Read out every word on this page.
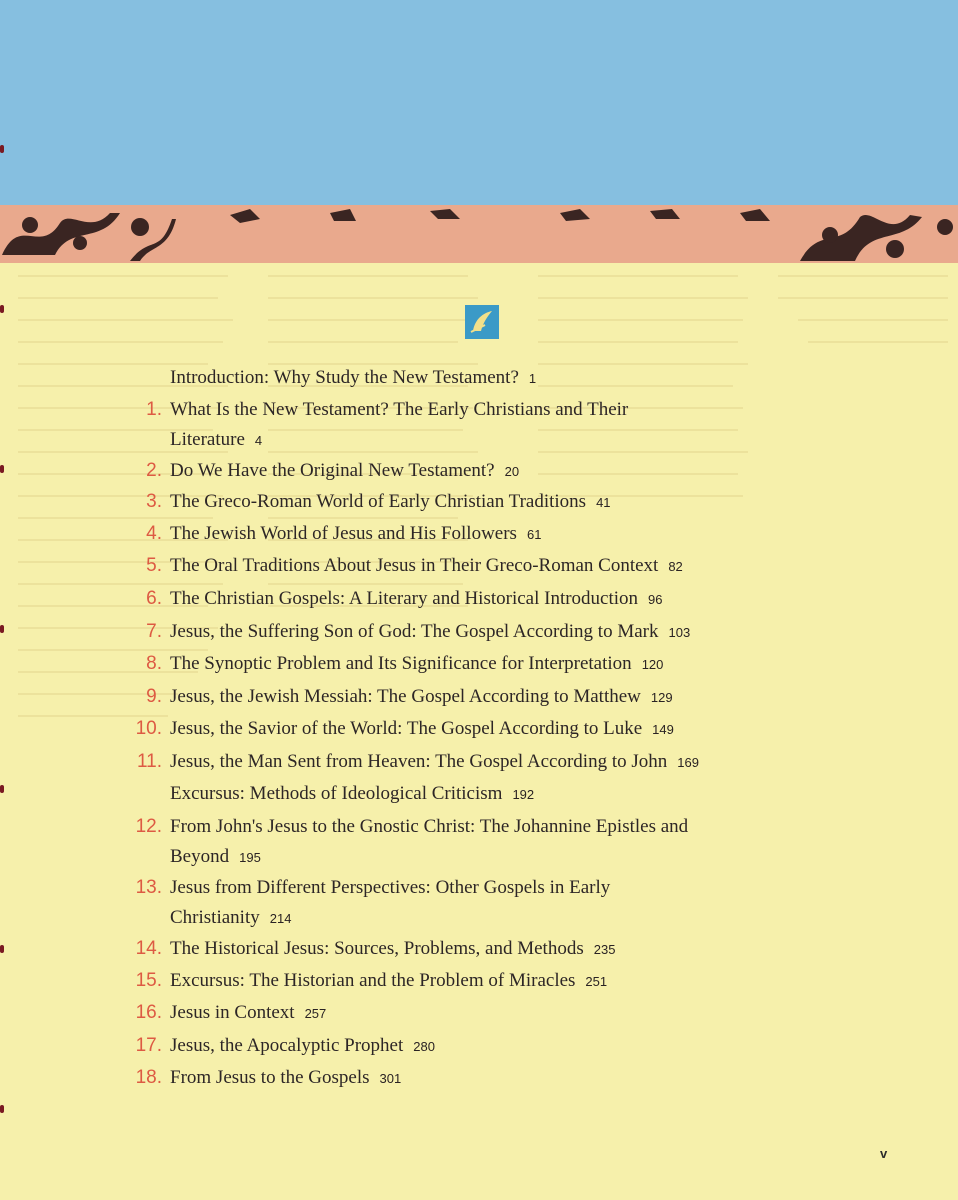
Introduction: Why Study the New Testament? 1
1. What Is the New Testament? The Early Christians and Their
Literature 4
2. Do We Have the Original New Testament? 20
3. The Greco-Roman World of Early Christian Traditions 41
4. The Jewish World of Jesus and His Followers 61
5. The Oral Traditions About Jesus in Their Greco-Roman Context 82
6. The Christian Gospels: A Literary and Historical Introduction 96
7. Jesus, the Suffering Son of God: The Gospel According to Mark 103
8. The Synoptic Problem and Its Significance for Interpretation 120
9. Jesus, the Jewish Messiah: The Gospel According to Matthew 129
10. Jesus, the Savior of the World: The Gospel According to Luke 149
11. Jesus, the Man Sent from Heaven: The Gospel According to John 169
Excursus: Methods of Ideological Criticism 192
12. From John's Jesus to the Gnostic Christ: The Johannine Epistles and
Beyond 195
13. Jesus from Different Perspectives: Other Gospels in Early
Christianity 214
14. The Historical Jesus: Sources, Problems, and Methods 235
15. Excursus: The Historian and the Problem of Miracles 251
16. Jesus in Context 257
17. Jesus, the Apocalyptic Prophet 280
18. From Jesus to the Gospels 301
v
